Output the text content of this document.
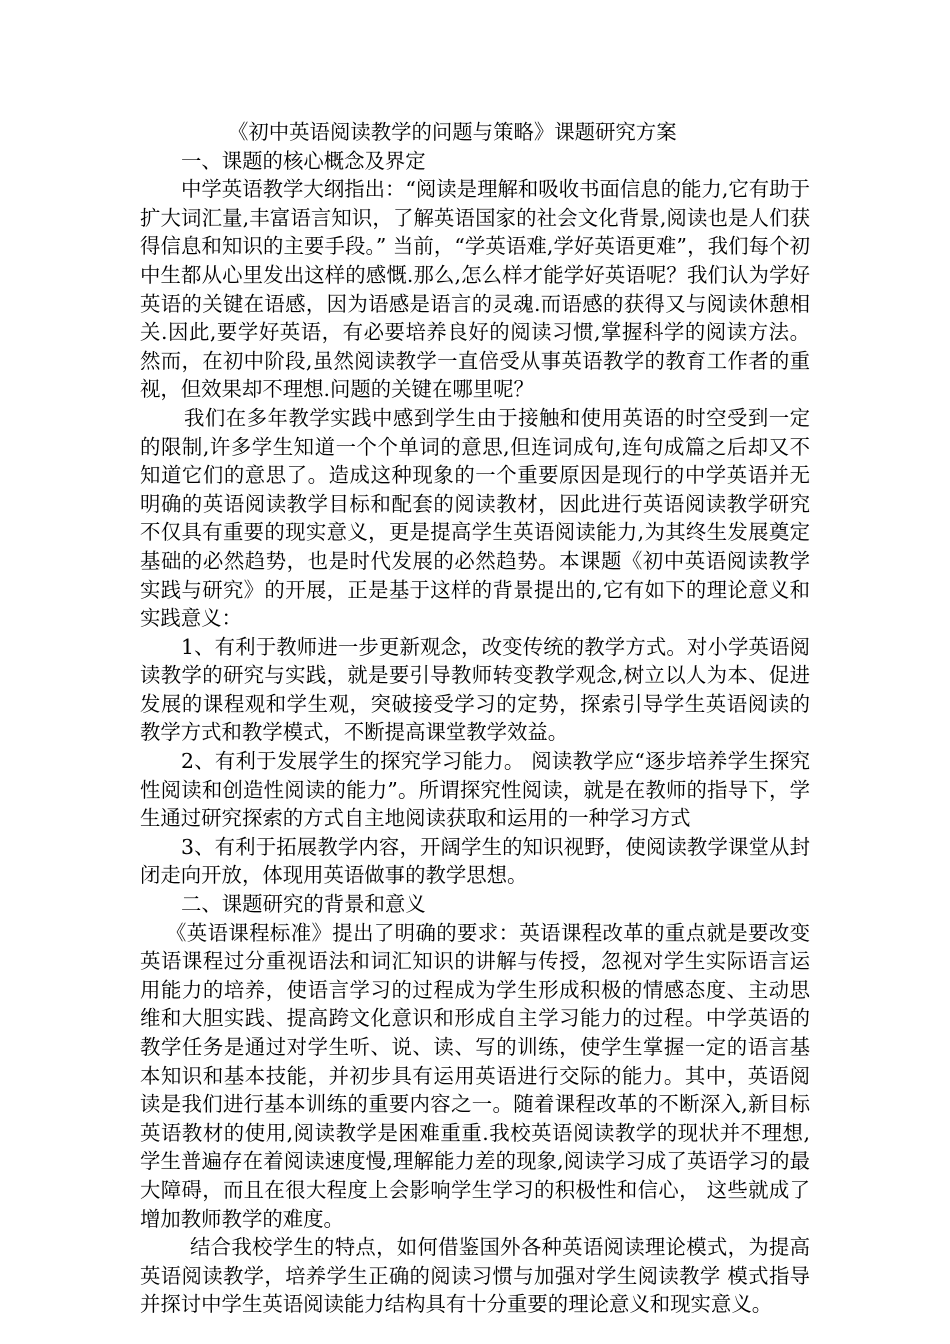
《初中英语阅读教学的问题与策略》课题研究方案
一、课题的核心概念及界定

中学英语教学大纲指出：“阅读是理解和吸收书面信息的能力,它有助于扩大词汇量,丰富语言知识，了解英语国家的社会文化背景,阅读也是人们获得信息和知识的主要手段。” 当前，“学英语难,学好英语更难”，我们每个初中生都从心里发出这样的感慨.那么,怎么样才能学好英语呢？我们认为学好英语的关键在语感，因为语感是语言的灵魂.而语感的获得又与阅读休憩相关.因此,要学好英语，有必要培养良好的阅读习惯,掌握科学的阅读方法。然而，在初中阶段,虽然阅读教学一直倍受从事英语教学的教育工作者的重视，但效果却不理想.问题的关键在哪里呢？

我们在多年教学实践中感到学生由于接触和使用英语的时空受到一定的限制,许多学生知道一个个单词的意思,但连词成句,连句成篇之后却又不知道它们的意思了。造成这种现象的一个重要原因是现行的中学英语并无明确的英语阅读教学目标和配套的阅读教材，因此进行英语阅读教学研究不仅具有重要的现实意义，更是提高学生英语阅读能力,为其终生发展奠定基础的必然趋势，也是时代发展的必然趋势。本课题《初中英语阅读教学实践与研究》的开展，正是基于这样的背景提出的,它有如下的理论意义和实践意义：

1、有利于教师进一步更新观念，改变传统的教学方式。对小学英语阅读教学的研究与实践，就是要引导教师转变教学观念,树立以人为本、促进发展的课程观和学生观，突破接受学习的定势，探索引导学生英语阅读的教学方式和教学模式，不断提高课堂教学效益。

2、有利于发展学生的探究学习能力。 阅读教学应“逐步培养学生探究性阅读和创造性阅读的能力”。所谓探究性阅读，就是在教师的指导下，学生通过研究探索的方式自主地阅读获取和运用的一种学习方式

3、有利于拓展教学内容，开阔学生的知识视野，使阅读教学课堂从封闭走向开放，体现用英语做事的教学思想。

二、课题研究的背景和意义

《英语课程标准》提出了明确的要求：英语课程改革的重点就是要改变英语课程过分重视语法和词汇知识的讲解与传授，忽视对学生实际语言运用能力的培养，使语言学习的过程成为学生形成积极的情感态度、主动思维和大胆实践、提高跨文化意识和形成自主学习能力的过程。中学英语的教学任务是通过对学生听、说、读、写的训练，使学生掌握一定的语言基本知识和基本技能，并初步具有运用英语进行交际的能力。其中，英语阅读是我们进行基本训练的重要内容之一。随着课程改革的不断深入,新目标英语教材的使用,阅读教学是困难重重.我校英语阅读教学的现状并不理想,学生普遍存在着阅读速度慢,理解能力差的现象,阅读学习成了英语学习的最大障碍，而且在很大程度上会影响学生学习的积极性和信心， 这些就成了增加教师教学的难度。

结合我校学生的特点，如何借鉴国外各种英语阅读理论模式，为提高英语阅读教学，培养学生正确的阅读习惯与加强对学生阅读教学 模式指导并探讨中学生英语阅读能力结构具有十分重要的理论意义和现实意义。
